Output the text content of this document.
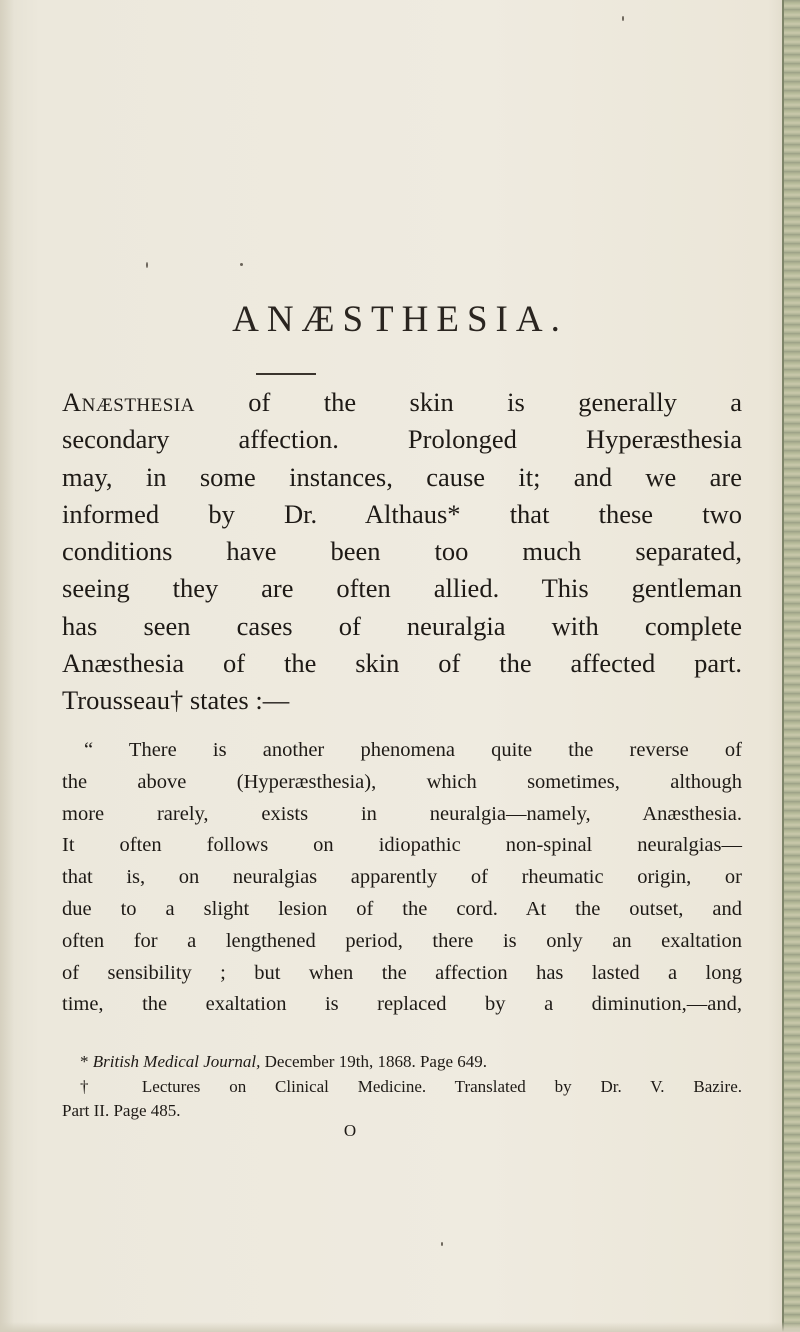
ANÆSTHESIA.
Anæsthesia of the skin is generally a
secondary affection. Prolonged Hyperæsthesia
may, in some instances, cause it; and we are
informed by Dr. Althaus* that these two
conditions have been too much separated,
seeing they are often allied. This gentleman
has seen cases of neuralgia with complete
Anæsthesia of the skin of the affected part.
Trousseau† states :—
“ There is another phenomena quite the reverse of
the above (Hyperæsthesia), which sometimes, although
more rarely, exists in neuralgia—namely, Anæsthesia.
It often follows on idiopathic non-spinal neuralgias—
that is, on neuralgias apparently of rheumatic origin, or
due to a slight lesion of the cord. At the outset, and
often for a lengthened period, there is only an exaltation
of sensibility ; but when the affection has lasted a long
time, the exaltation is replaced by a diminution,—and,
* British Medical Journal, December 19th, 1868. Page 649.
† Lectures on Clinical Medicine. Translated by Dr. V. Bazire.
Part II. Page 485.
O
